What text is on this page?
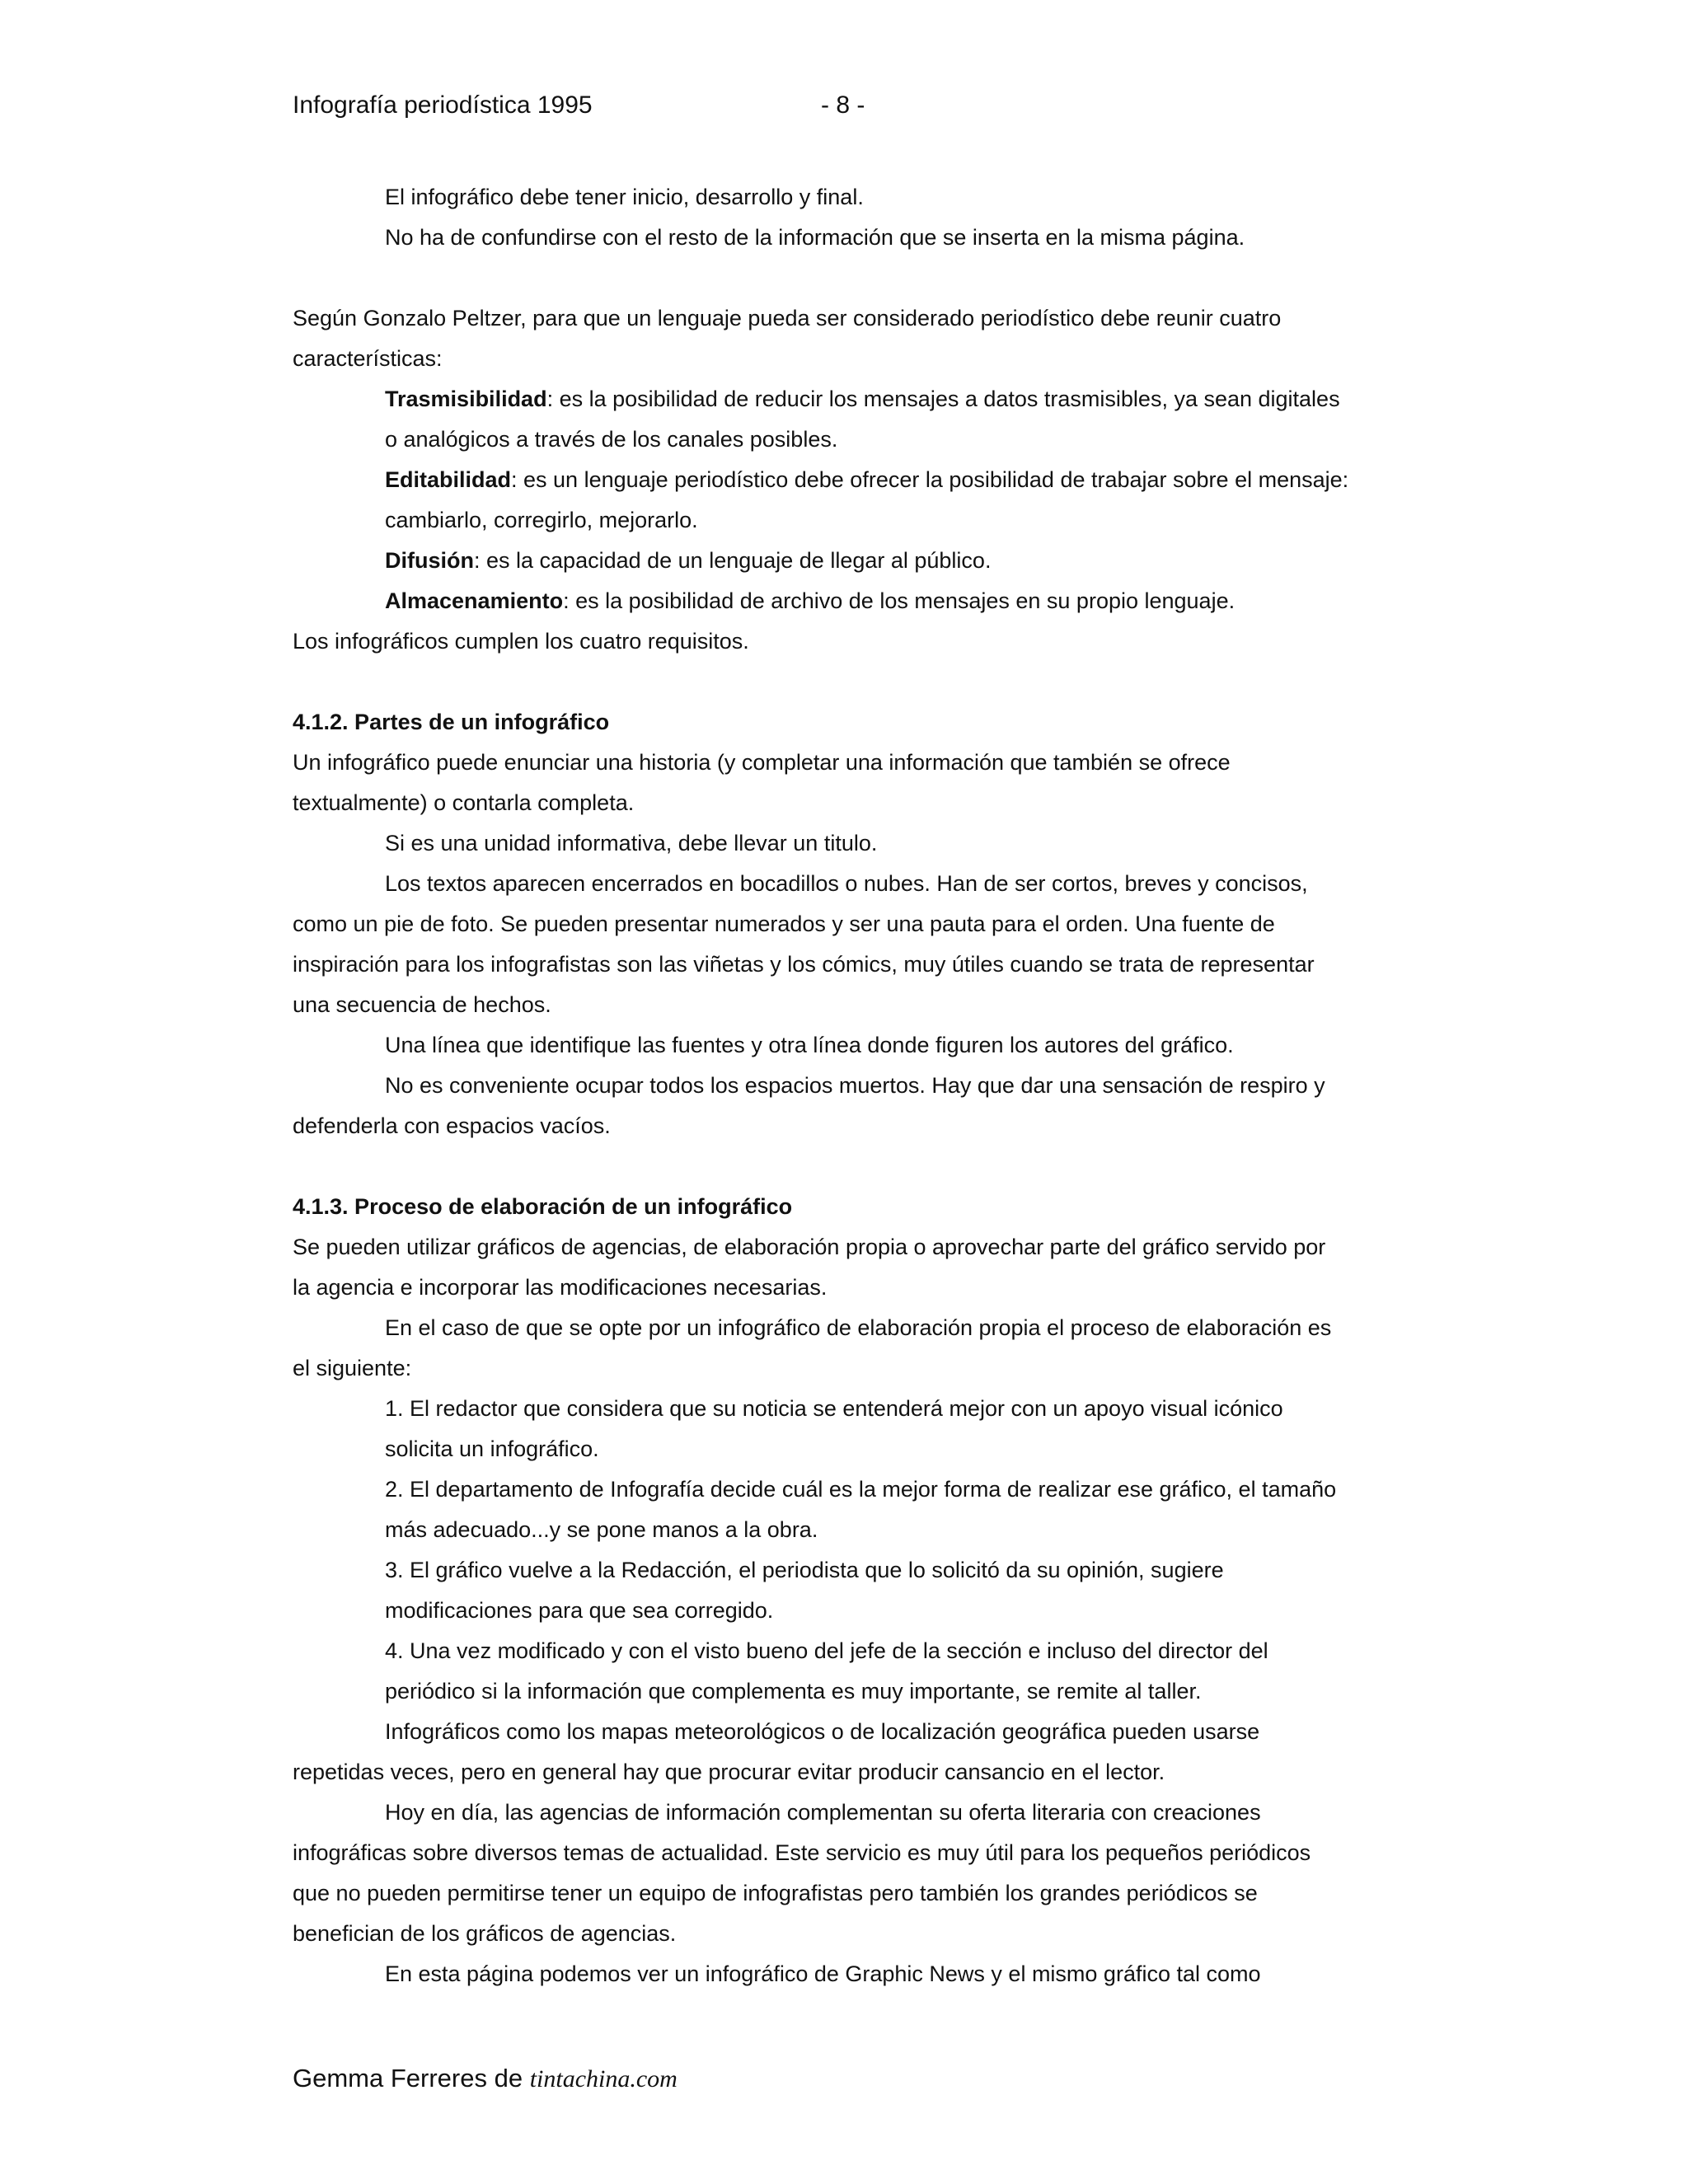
Infografía periodística 1995	- 8 -

El infográfico debe tener inicio, desarrollo y final.

No ha de confundirse con el resto de la información que se inserta en la misma página.

Según Gonzalo Peltzer, para que un lenguaje pueda ser considerado periodístico debe reunir cuatro

características:

Trasmisibilidad: es la posibilidad de reducir los mensajes a datos trasmisibles, ya sean digitales

o analógicos a través de los canales posibles.

Editabilidad: es un lenguaje periodístico debe ofrecer la posibilidad de trabajar sobre el mensaje:

cambiarlo, corregirlo, mejorarlo.

Difusión: es la capacidad de un lenguaje de llegar al público.

Almacenamiento: es la posibilidad de archivo de los mensajes en su propio lenguaje.

Los infográficos cumplen los cuatro requisitos.

4.1.2. Partes de un infográfico

Un infográfico puede enunciar una historia (y completar una información que también se ofrece

textualmente) o contarla completa.

Si es una unidad informativa, debe llevar un titulo.

Los textos aparecen encerrados en bocadillos o nubes. Han de ser cortos, breves y concisos,

como un pie de foto. Se pueden presentar numerados y ser una pauta para el orden. Una fuente de

inspiración para los infografistas son las viñetas y los cómics, muy útiles cuando se trata de representar

una secuencia de hechos.

Una línea que identifique las fuentes y otra línea donde figuren los autores del gráfico.

No es conveniente ocupar todos los espacios muertos. Hay que dar una sensación de respiro y

defenderla con espacios vacíos.

4.1.3. Proceso de elaboración de un infográfico

Se pueden utilizar gráficos de agencias, de elaboración propia o aprovechar parte del gráfico servido por

la agencia e incorporar las modificaciones necesarias.

En el caso de que se opte por un infográfico de elaboración propia el proceso de elaboración es

el siguiente:

1. El redactor que considera que su noticia se entenderá mejor con un apoyo visual icónico

solicita un infográfico.

2. El departamento de Infografía decide cuál es la mejor forma de realizar ese gráfico, el tamaño

más adecuado...y se pone manos a la obra.

3. El gráfico vuelve a la Redacción, el periodista que lo solicitó da su opinión, sugiere

modificaciones para que sea corregido.

4. Una vez modificado y con el visto bueno del jefe de la sección e incluso del director del

periódico si la información que complementa es muy importante, se remite al taller.

Infográficos como los mapas meteorológicos o de localización geográfica pueden usarse

repetidas veces, pero en general hay que procurar evitar producir cansancio en el lector.

Hoy en día, las agencias de información complementan su oferta literaria con creaciones

infográficas sobre diversos temas de actualidad. Este servicio es muy útil para los pequeños periódicos

que no pueden permitirse tener un equipo de infografistas pero también los grandes periódicos se

benefician de los gráficos de agencias.

En esta página podemos ver un infográfico de Graphic News y el mismo gráfico tal como

Gemma Ferreres de tintachina.com
